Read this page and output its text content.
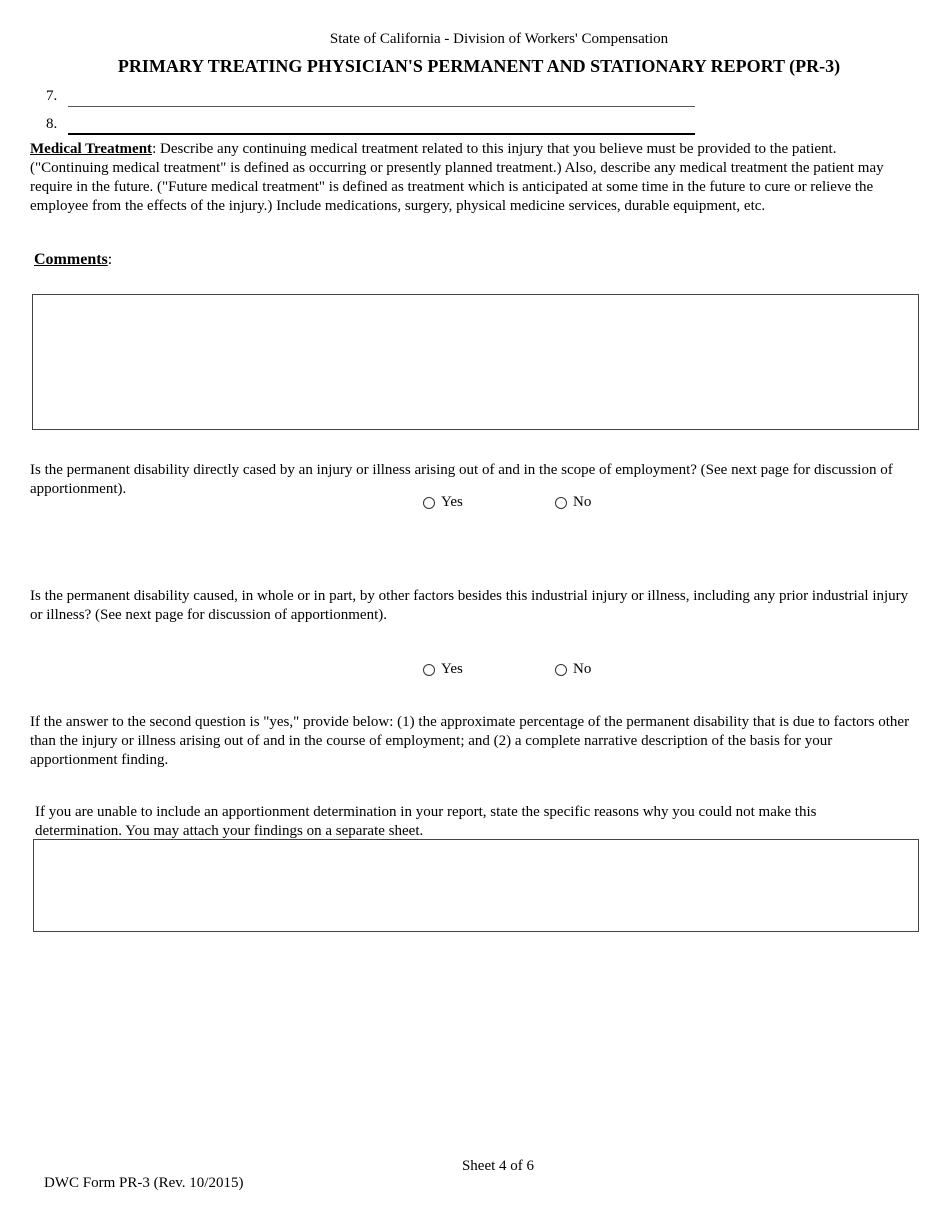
State of California - Division of Workers' Compensation
PRIMARY TREATING PHYSICIAN'S PERMANENT AND STATIONARY REPORT (PR-3)
7.
8.
Medical Treatment: Describe any continuing medical treatment related to this injury that you believe must be provided to the patient. ("Continuing medical treatment" is defined as occurring or presently planned treatment.) Also, describe any medical treatment the patient may require in the future. ("Future medical treatment" is defined as treatment which is anticipated at some time in the future to cure or relieve the employee from the effects of the injury.) Include medications, surgery, physical medicine services, durable equipment, etc.
Comments:
Is the permanent disability directly cased by an injury or illness arising out of and in the scope of employment? (See next page for discussion of apportionment).
Yes	No
Is the permanent disability caused, in whole or in part, by other factors besides this industrial injury or illness, including any prior industrial injury or illness? (See next page for discussion of apportionment).
Yes	No
If the answer to the second question is "yes," provide below: (1) the approximate percentage of the permanent disability that is due to factors other than the injury or illness arising out of and in the course of employment; and (2) a complete narrative description of the basis for your apportionment finding.
If you are unable to include an apportionment determination in your report, state the specific reasons why you could not make this determination. You may attach your findings on a separate sheet.
Sheet 4 of 6
DWC Form PR-3 (Rev. 10/2015)
